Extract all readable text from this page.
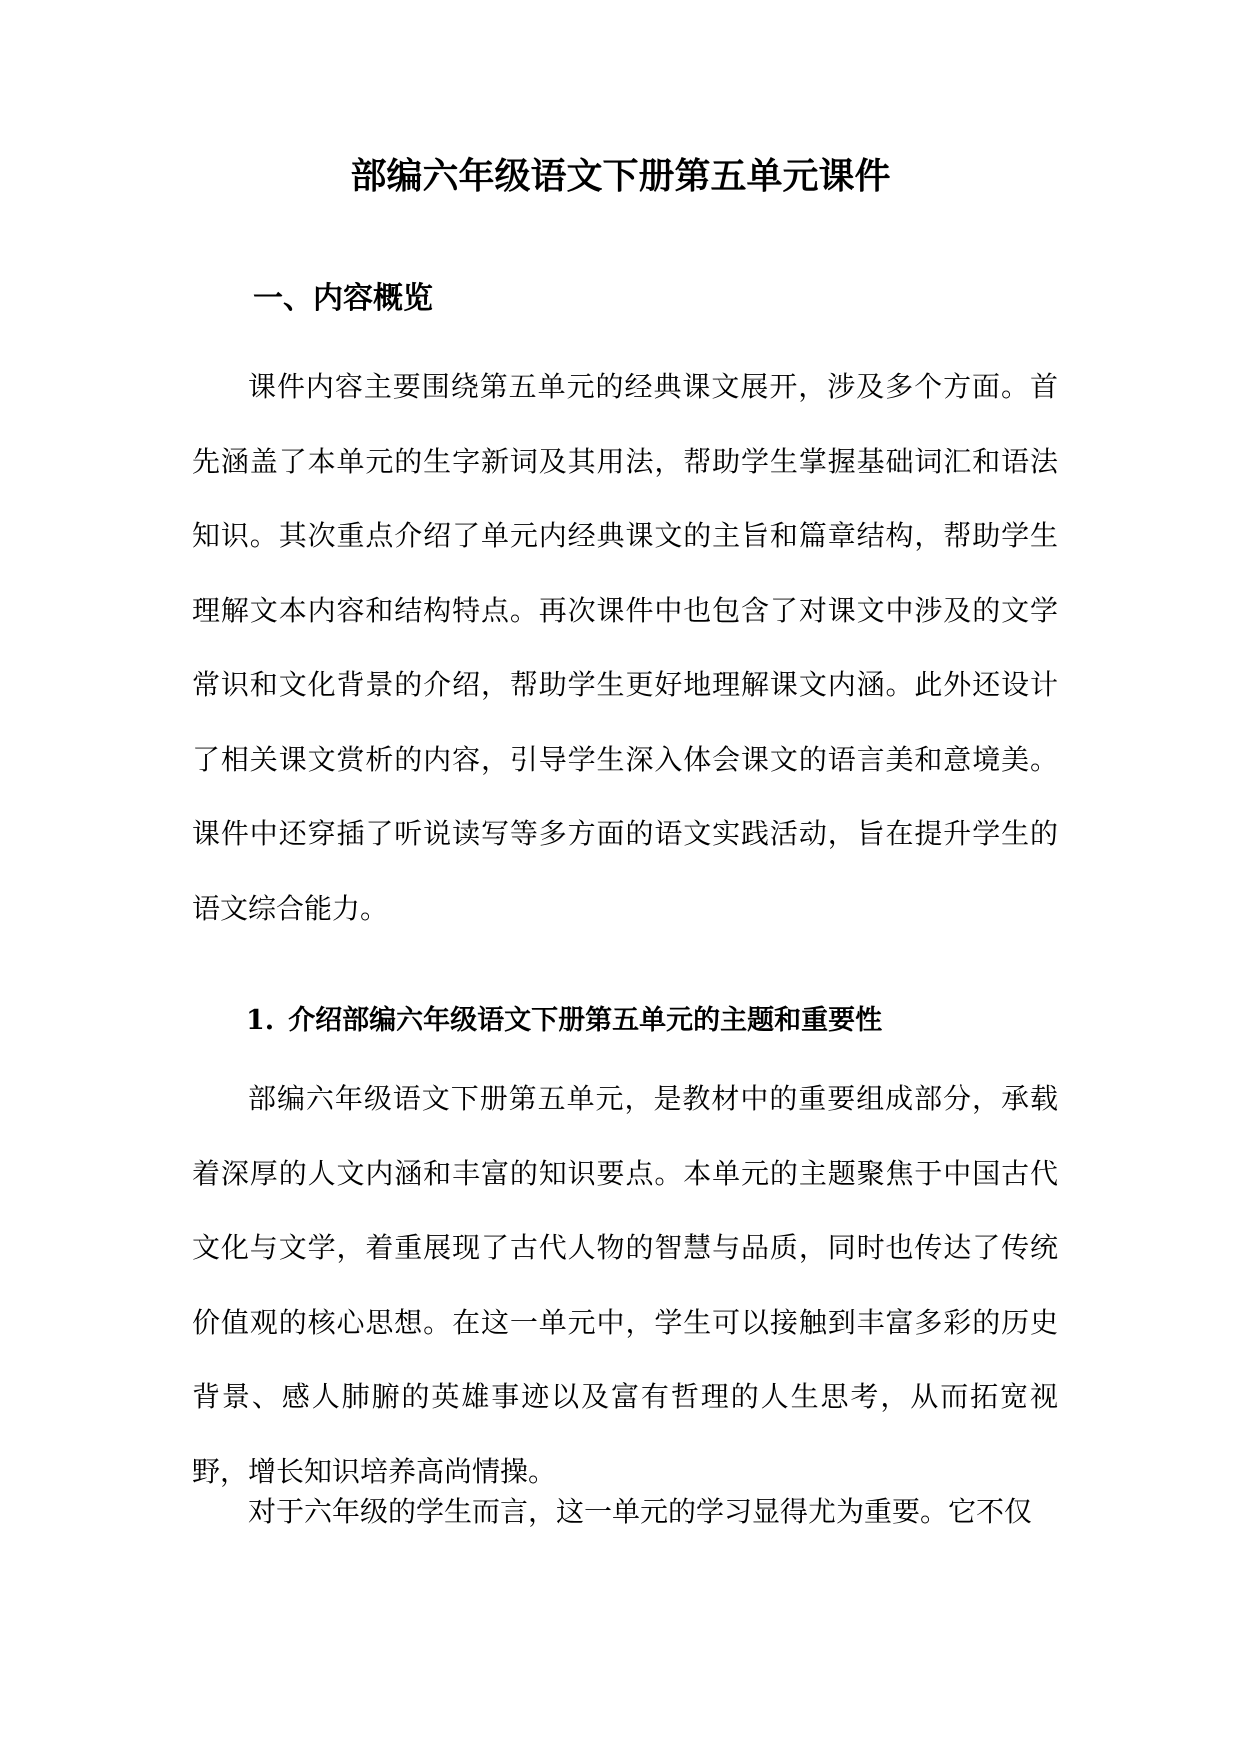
部编六年级语文下册第五单元课件
一、内容概览

课件内容主要围绕第五单元的经典课文展开，涉及多个方面。首先涵盖了本单元的生字新词及其用法，帮助学生掌握基础词汇和语法知识。其次重点介绍了单元内经典课文的主旨和篇章结构，帮助学生理解文本内容和结构特点。再次课件中也包含了对课文中涉及的文学常识和文化背景的介绍，帮助学生更好地理解课文内涵。此外还设计了相关课文赏析的内容，引导学生深入体会课文的语言美和意境美。课件中还穿插了听说读写等多方面的语文实践活动，旨在提升学生的语文综合能力。

1. 介绍部编六年级语文下册第五单元的主题和重要性

部编六年级语文下册第五单元，是教材中的重要组成部分，承载着深厚的人文内涵和丰富的知识要点。本单元的主题聚焦于中国古代文化与文学，着重展现了古代人物的智慧与品质，同时也传达了传统价值观的核心思想。在这一单元中，学生可以接触到丰富多彩的历史背景、感人肺腑的英雄事迹以及富有哲理的人生思考，从而拓宽视野，增长知识培养高尚情操。

对于六年级的学生而言，这一单元的学习显得尤为重要。它不仅
